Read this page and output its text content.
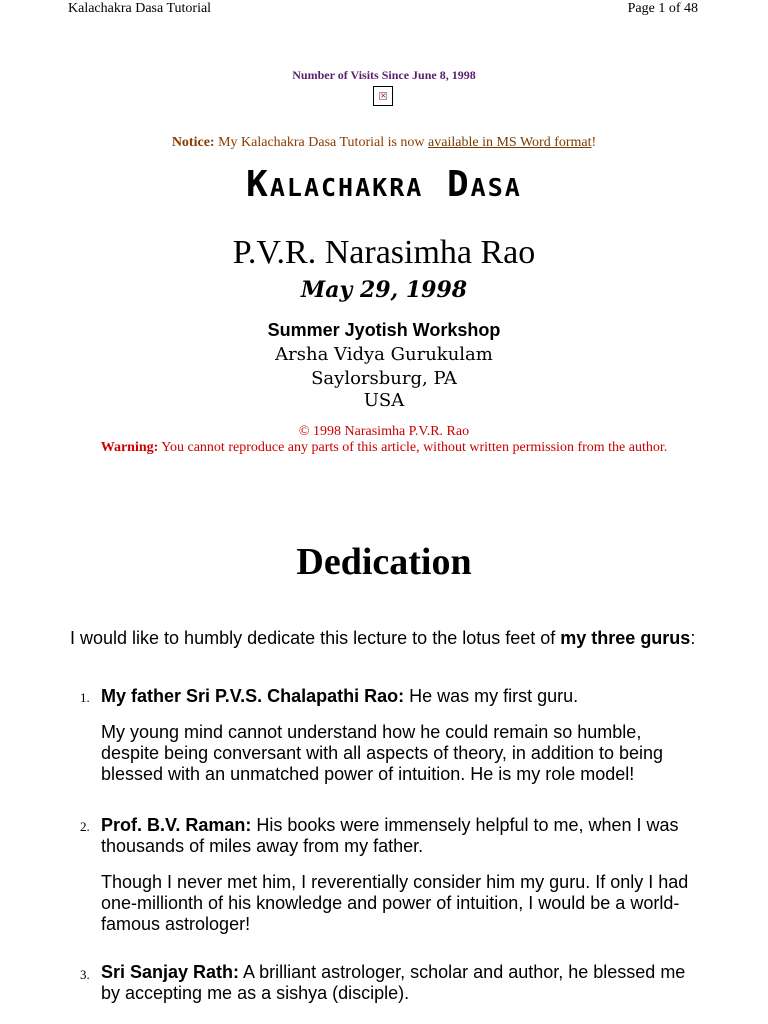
Kalachakra Dasa Tutorial	Page 1 of 48
Number of Visits Since June 8, 1998
×
Notice: My Kalachakra Dasa Tutorial is now available in MS Word format!
Kalachakra Dasa
P.V.R. Narasimha Rao
May 29, 1998
Summer Jyotish Workshop
Arsha Vidya Gurukulam
Saylorsburg, PA
USA
© 1998 Narasimha P.V.R. Rao
Warning: You cannot reproduce any parts of this article, without written permission from the author.
Dedication
I would like to humbly dedicate this lecture to the lotus feet of my three gurus:
1. My father Sri P.V.S. Chalapathi Rao: He was my first guru.
My young mind cannot understand how he could remain so humble, despite being conversant with all aspects of theory, in addition to being blessed with an unmatched power of intuition. He is my role model!
2. Prof. B.V. Raman: His books were immensely helpful to me, when I was thousands of miles away from my father.
Though I never met him, I reverentially consider him my guru. If only I had one-millionth of his knowledge and power of intuition, I would be a world-famous astrologer!
3. Sri Sanjay Rath: A brilliant astrologer, scholar and author, he blessed me by accepting me as a sishya (disciple).
